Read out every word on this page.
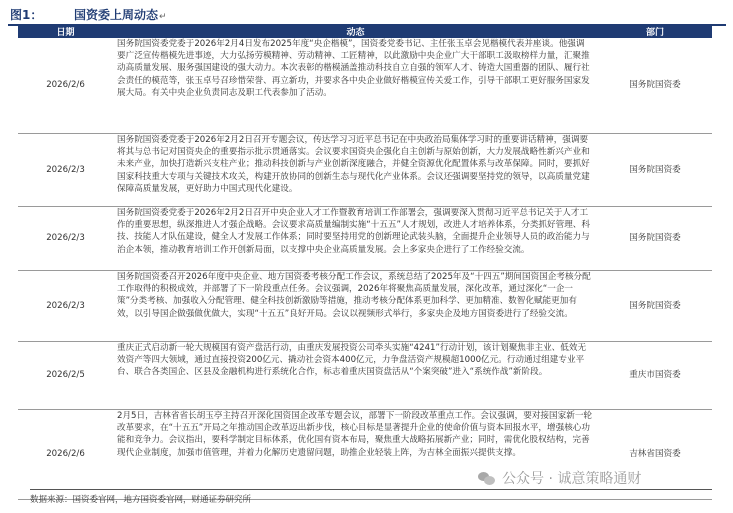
图1：	国资委上周动态↵
日期	动态	部门
2026/2/6	国务院国资委党委于2026年2月4日发布2025年度“央企楷模”，国资委党委书记、主任张玉卓会见楷模代表并座谈。他强调要广泛宣传楷模先进事迹，大力弘扬劳模精神、劳动精神、工匠精神，以此激励中央企业广大干部职工汲取榜样力量，汇聚推动高质量发展、服务强国建设的强大动力。本次表彰的楷模涵盖推动科技自立自强的领军人才、铸造大国重器的团队、履行社会责任的模范等，张玉卓号召珍惜荣誉、再立新功，并要求各中央企业做好楷模宣传关爱工作，引导干部职工更好服务国家发展大局。有关中央企业负责同志及职工代表参加了活动。	国务院国资委
2026/2/3	国务院国资委党委于2026年2月2日召开专题会议，传达学习习近平总书记在中央政治局集体学习时的重要讲话精神，强调要将其与总书记对国资央企的重要指示批示贯通落实。会议要求国资央企强化自主创新与原始创新，大力发展战略性新兴产业和未来产业，加快打造新兴支柱产业；推动科技创新与产业创新深度融合，并健全资源优化配置体系与改革保障。同时，要抓好国家科技重大专项与关键技术攻关，构建开放协同的创新生态与现代化产业体系。会议还强调要坚持党的领导，以高质量党建保障高质量发展，更好助力中国式现代化建设。	国务院国资委
2026/2/3	国务院国资委党委于2026年2月2日召开中央企业人才工作暨教育培训工作部署会，强调要深入贯彻习近平总书记关于人才工作的重要思想，纵深推进人才强企战略。会议要求高质量编制实施“十五五”人才规划，改进人才培养体系，分类抓好管理、科技、技能人才队伍建设，健全人才发展工作体系；同时要坚持用党的创新理论武装头脑，全面提升企业领导人员的政治能力与治企本领，推动教育培训工作开创新局面，以支撑中央企业高质量发展。会上多家央企进行了工作经验交流。	国务院国资委
2026/2/3	国务院国资委召开2026年度中央企业、地方国资委考核分配工作会议，系统总结了2025年及“十四五”期间国资国企考核分配工作取得的积极成效，并部署了下一阶段重点任务。会议强调，2026年将聚焦高质量发展，深化改革，通过深化“一企一策”分类考核、加强收入分配管理、健全科技创新激励等措施，推动考核分配体系更加科学、更加精准、数智化赋能更加有效，以引导国企做强做优做大，实现“十五五”良好开局。会议以视频形式举行，多家央企及地方国资委进行了经验交流。	国务院国资委
2026/2/5	重庆正式启动新一轮大规模国有资产盘活行动，由重庆发展投资公司牵头实施“4241”行动计划，该计划聚焦非主业、低效无效资产等四大领域，通过直接投资200亿元、撬动社会资本400亿元，力争盘活资产规模超1000亿元。行动通过组建专业平台、联合各类国企、区县及金融机构进行系统化合作，标志着重庆国资盘活从“个案突破”进入“系统作战”新阶段。	重庆市国资委
2026/2/6	2月5日，吉林省省长胡玉亭主持召开深化国资国企改革专题会议，部署下一阶段改革重点工作。会议强调，要对接国家新一轮改革要求，在“十五五”开局之年推动国企改革迈出新步伐，核心目标是显著提升企业的使命价值与资本回报水平，增强核心功能和竞争力。会议指出，要科学制定目标体系，优化国有资本布局，聚焦重大战略拓展新产业；同时，需优化股权结构，完善现代企业制度，加强市值管理，并着力化解历史遗留问题，助推企业轻装上阵，为吉林全面振兴提供支撑。	吉林省国资委
公众号 · 诚意策略通财
数据来源：国资委官网，地方国资委官网，财通证券研究所
